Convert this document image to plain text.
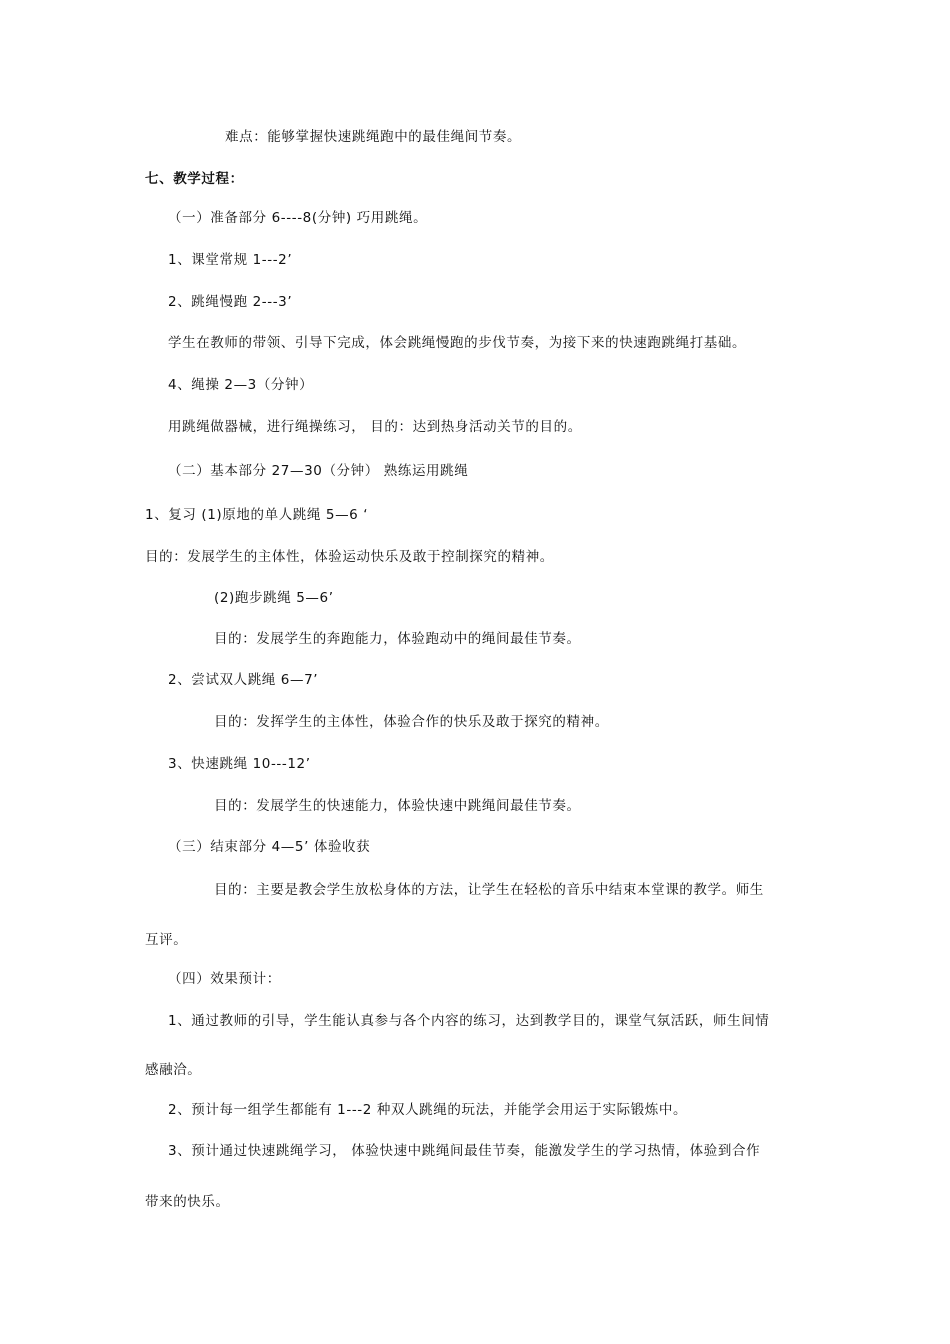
难点：能够掌握快速跳绳跑中的最佳绳间节奏。
七、教学过程：
（一）准备部分 6----8(分钟) 巧用跳绳。
1、课堂常规 1---2’
2、跳绳慢跑 2---3’
学生在教师的带领、引导下完成，体会跳绳慢跑的步伐节奏，为接下来的快速跑跳绳打基础。
4、绳操 2—3（分钟）
用跳绳做器械，进行绳操练习， 目的：达到热身活动关节的目的。
（二）基本部分 27—30（分钟） 熟练运用跳绳
1、复习 (1)原地的单人跳绳 5—6 ‘
目的：发展学生的主体性，体验运动快乐及敢于控制探究的精神。
(2)跑步跳绳 5—6’
目的：发展学生的奔跑能力，体验跑动中的绳间最佳节奏。
2、尝试双人跳绳 6—7’
目的：发挥学生的主体性，体验合作的快乐及敢于探究的精神。
3、快速跳绳 10---12’
目的：发展学生的快速能力，体验快速中跳绳间最佳节奏。
（三）结束部分 4—5’ 体验收获
目的：主要是教会学生放松身体的方法，让学生在轻松的音乐中结束本堂课的教学。师生
互评。
（四）效果预计：
1、通过教师的引导，学生能认真参与各个内容的练习，达到教学目的，课堂气氛活跃，师生间情
感融洽。
2、预计每一组学生都能有 1---2 种双人跳绳的玩法，并能学会用运于实际锻炼中。
3、预计通过快速跳绳学习， 体验快速中跳绳间最佳节奏，能激发学生的学习热情，体验到合作
带来的快乐。
